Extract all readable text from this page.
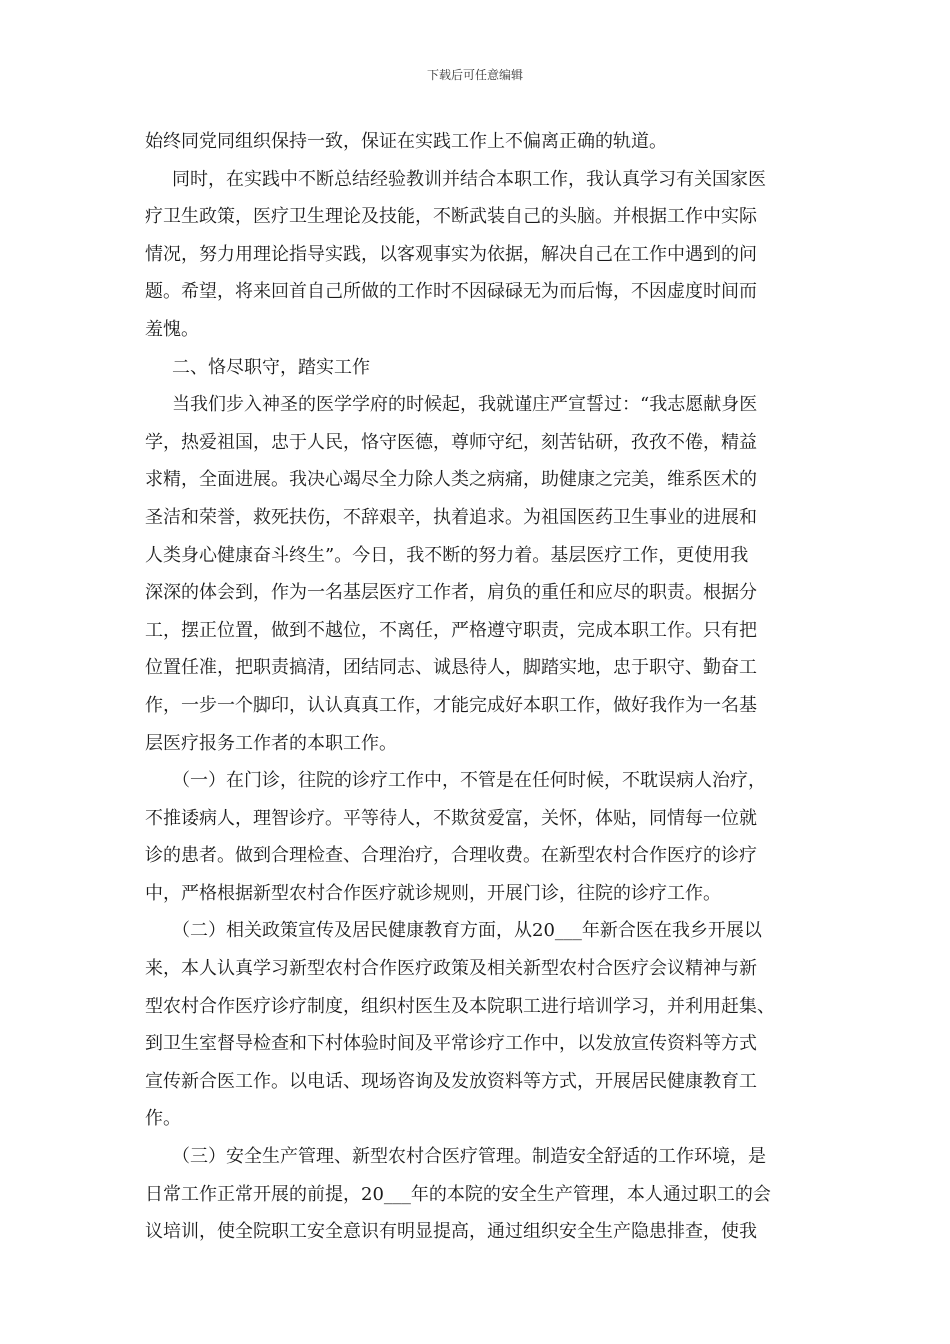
下载后可任意编辑
始终同党同组织保持一致，保证在实践工作上不偏离正确的轨道。
同时，在实践中不断总结经验教训并结合本职工作，我认真学习有关国家医
疗卫生政策，医疗卫生理论及技能，不断武装自己的头脑。并根据工作中实际
情况，努力用理论指导实践，以客观事实为依据，解决自己在工作中遇到的问
题。希望，将来回首自己所做的工作时不因碌碌无为而后悔，不因虚度时间而
羞愧。
二、恪尽职守，踏实工作
当我们步入神圣的医学学府的时候起，我就谨庄严宣誓过：“我志愿献身医
学，热爱祖国，忠于人民，恪守医德，尊师守纪，刻苦钻研，孜孜不倦，精益
求精，全面进展。我决心竭尽全力除人类之病痛，助健康之完美，维系医术的
圣洁和荣誉，救死扶伤，不辞艰辛，执着追求。为祖国医药卫生事业的进展和
人类身心健康奋斗终生”。今日，我不断的努力着。基层医疗工作，更使用我
深深的体会到，作为一名基层医疗工作者，肩负的重任和应尽的职责。根据分
工，摆正位置，做到不越位，不离任，严格遵守职责，完成本职工作。只有把
位置任准，把职责搞清，团结同志、诚恳待人，脚踏实地，忠于职守、勤奋工
作，一步一个脚印，认认真真工作，才能完成好本职工作，做好我作为一名基
层医疗报务工作者的本职工作。
（一）在门诊，往院的诊疗工作中，不管是在任何时候，不耽误病人治疗，
不推诿病人，理智诊疗。平等待人，不欺贫爱富，关怀，体贴，同情每一位就
诊的患者。做到合理检查、合理治疗，合理收费。在新型农村合作医疗的诊疗
中，严格根据新型农村合作医疗就诊规则，开展门诊，往院的诊疗工作。
（二）相关政策宣传及居民健康教育方面，从20___年新合医在我乡开展以
来，本人认真学习新型农村合作医疗政策及相关新型农村合医疗会议精神与新
型农村合作医疗诊疗制度，组织村医生及本院职工进行培训学习，并利用赶集、
到卫生室督导检查和下村体验时间及平常诊疗工作中，以发放宣传资料等方式
宣传新合医工作。以电话、现场咨询及发放资料等方式，开展居民健康教育工
作。
（三）安全生产管理、新型农村合医疗管理。制造安全舒适的工作环境，是
日常工作正常开展的前提，20___年的本院的安全生产管理，本人通过职工的会
议培训，使全院职工安全意识有明显提高，通过组织安全生产隐患排查，使我
